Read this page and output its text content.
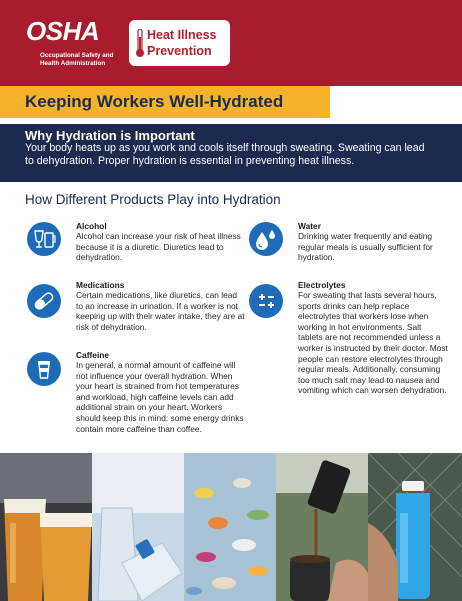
OSHA
Occupational Safety and Health Administration
Heat Illness
Prevention
Keeping Workers Well-Hydrated
Why Hydration is Important
Your body heats up as you work and cools itself through sweating. Sweating can lead to dehydration. Proper hydration is essential in preventing heat illness.
How Different Products Play into Hydration
Alcohol
Alcohol can increase your risk of heat illness because it is a diuretic. Diuretics lead to dehydration.
Water
Drinking water frequently and eating regular meals is usually sufficient for hydration.
Medications
Certain medications, like diuretics, can lead to an increase in urination. If a worker is not keeping up with their water intake, they are at risk of dehydration.
Electrolytes
For sweating that lasts several hours, sports drinks can help replace electrolytes that workers lose when working in hot environments. Salt tablets are not recommended unless a worker is instructed by their doctor. Most people can restore electrolytes through regular meals. Additionally, consuming too much salt may lead to nausea and vomiting which can worsen dehydration.
Caffeine
In general, a normal amount of caffeine will not influence your overall hydration. When your heart is strained from hot temperatures and workload, high caffeine levels can add additional strain on your heart. Workers should keep this in mind: some energy drinks contain more caffeine than coffee.
